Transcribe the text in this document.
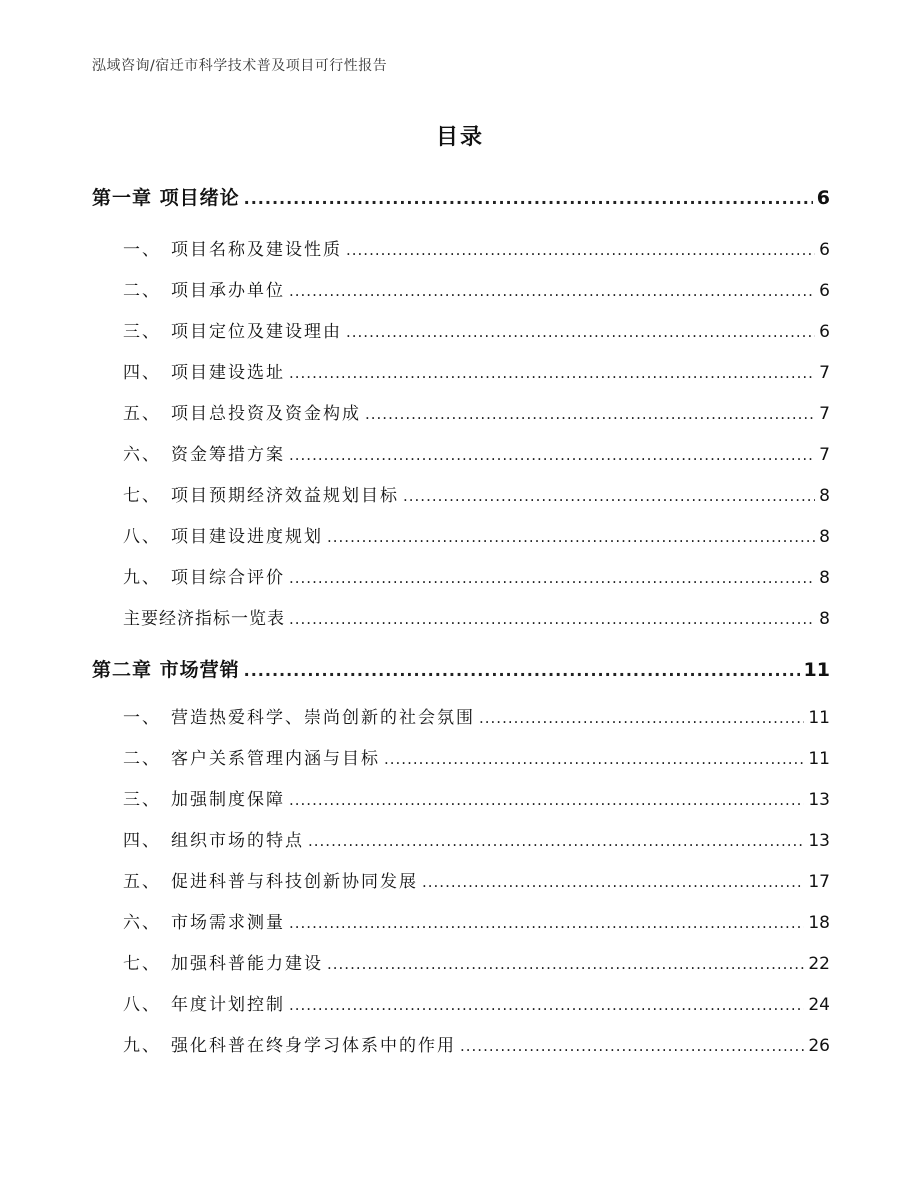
泓域咨询/宿迁市科学技术普及项目可行性报告
目录
第一章 项目绪论 .....	6
一、 项目名称及建设性质 .....	6
二、 项目承办单位 .....	6
三、 项目定位及建设理由 .....	6
四、 项目建设选址 .....	7
五、 项目总投资及资金构成 .....	7
六、 资金筹措方案 .....	7
七、 项目预期经济效益规划目标 .....	8
八、 项目建设进度规划 .....	8
九、 项目综合评价 .....	8
主要经济指标一览表 .....	8
第二章 市场营销 .....	11
一、 营造热爱科学、崇尚创新的社会氛围 .....	11
二、 客户关系管理内涵与目标 .....	11
三、 加强制度保障 .....	13
四、 组织市场的特点 .....	13
五、 促进科普与科技创新协同发展 .....	17
六、 市场需求测量 .....	18
七、 加强科普能力建设 .....	22
八、 年度计划控制 .....	24
九、 强化科普在终身学习体系中的作用 .....	26
